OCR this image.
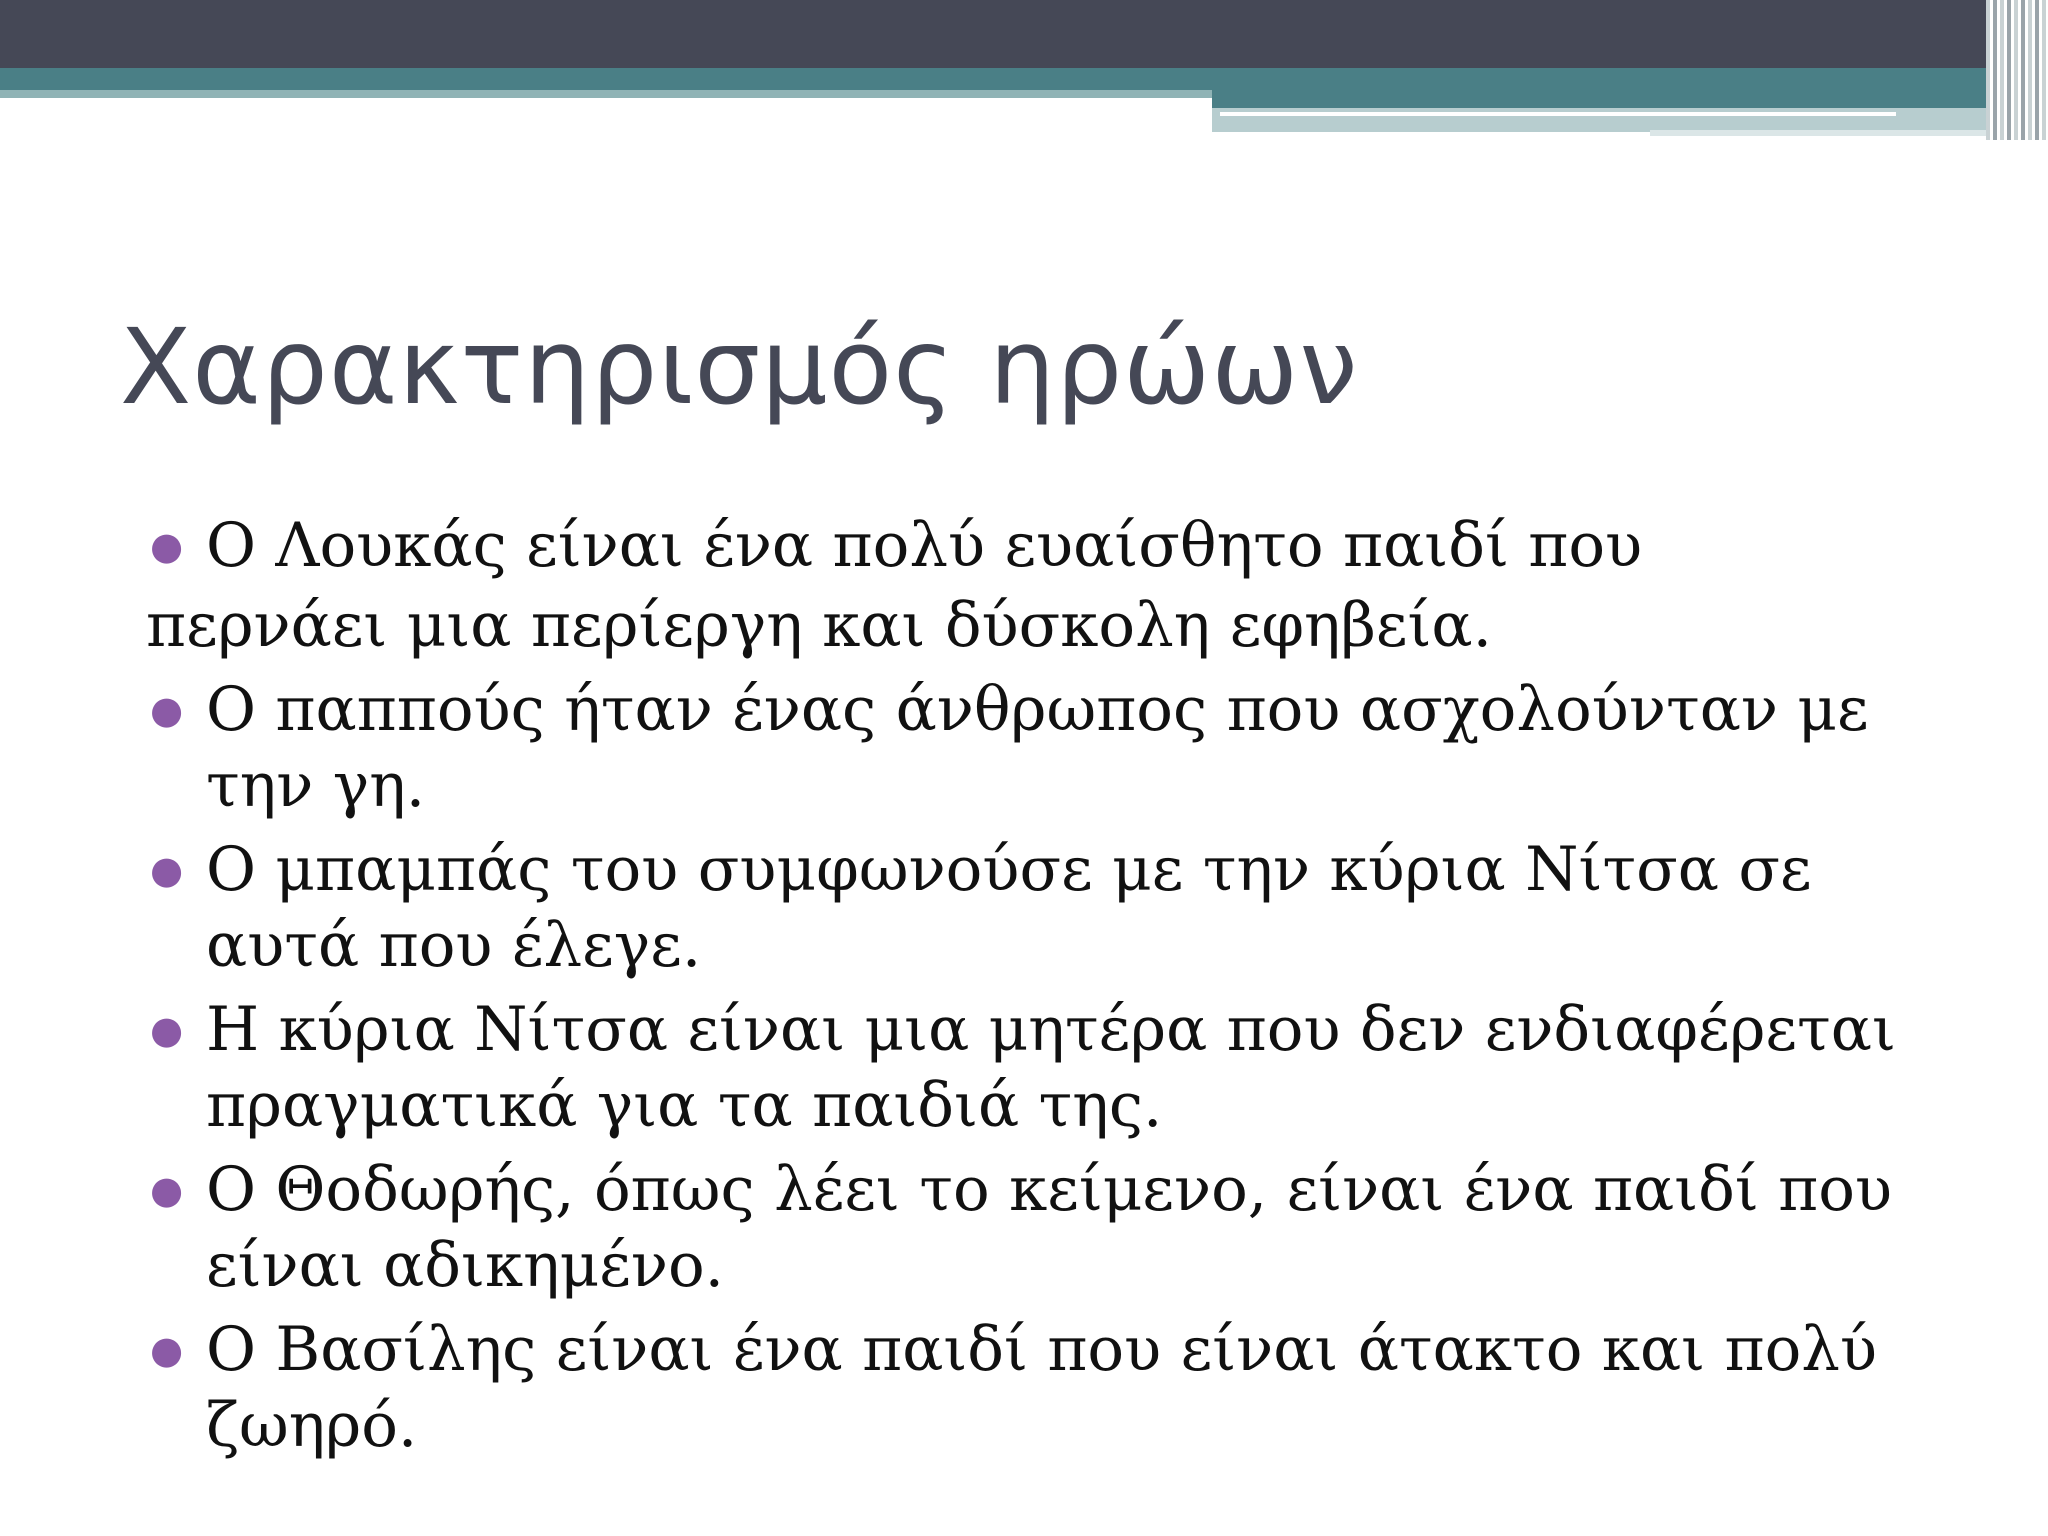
Χαρακτηρισμός ηρώων
● Ο Λουκάς είναι ένα πολύ ευαίσθητο παιδί που
περνάει μια περίεργη και δύσκολη εφηβεία.
● Ο παππούς ήταν ένας άνθρωπος που ασχολούνταν με την γη.
● Ο μπαμπάς του συμφωνούσε με την κύρια Νίτσα σε αυτά που έλεγε.
● Η κύρια Νίτσα είναι μια μητέρα που δεν ενδιαφέρεται πραγματικά για τα παιδιά της.
● Ο Θοδωρής, όπως λέει το κείμενο, είναι ένα παιδί που είναι αδικημένο.
● Ο Βασίλης είναι ένα παιδί που είναι άτακτο και πολύ ζωηρό.
